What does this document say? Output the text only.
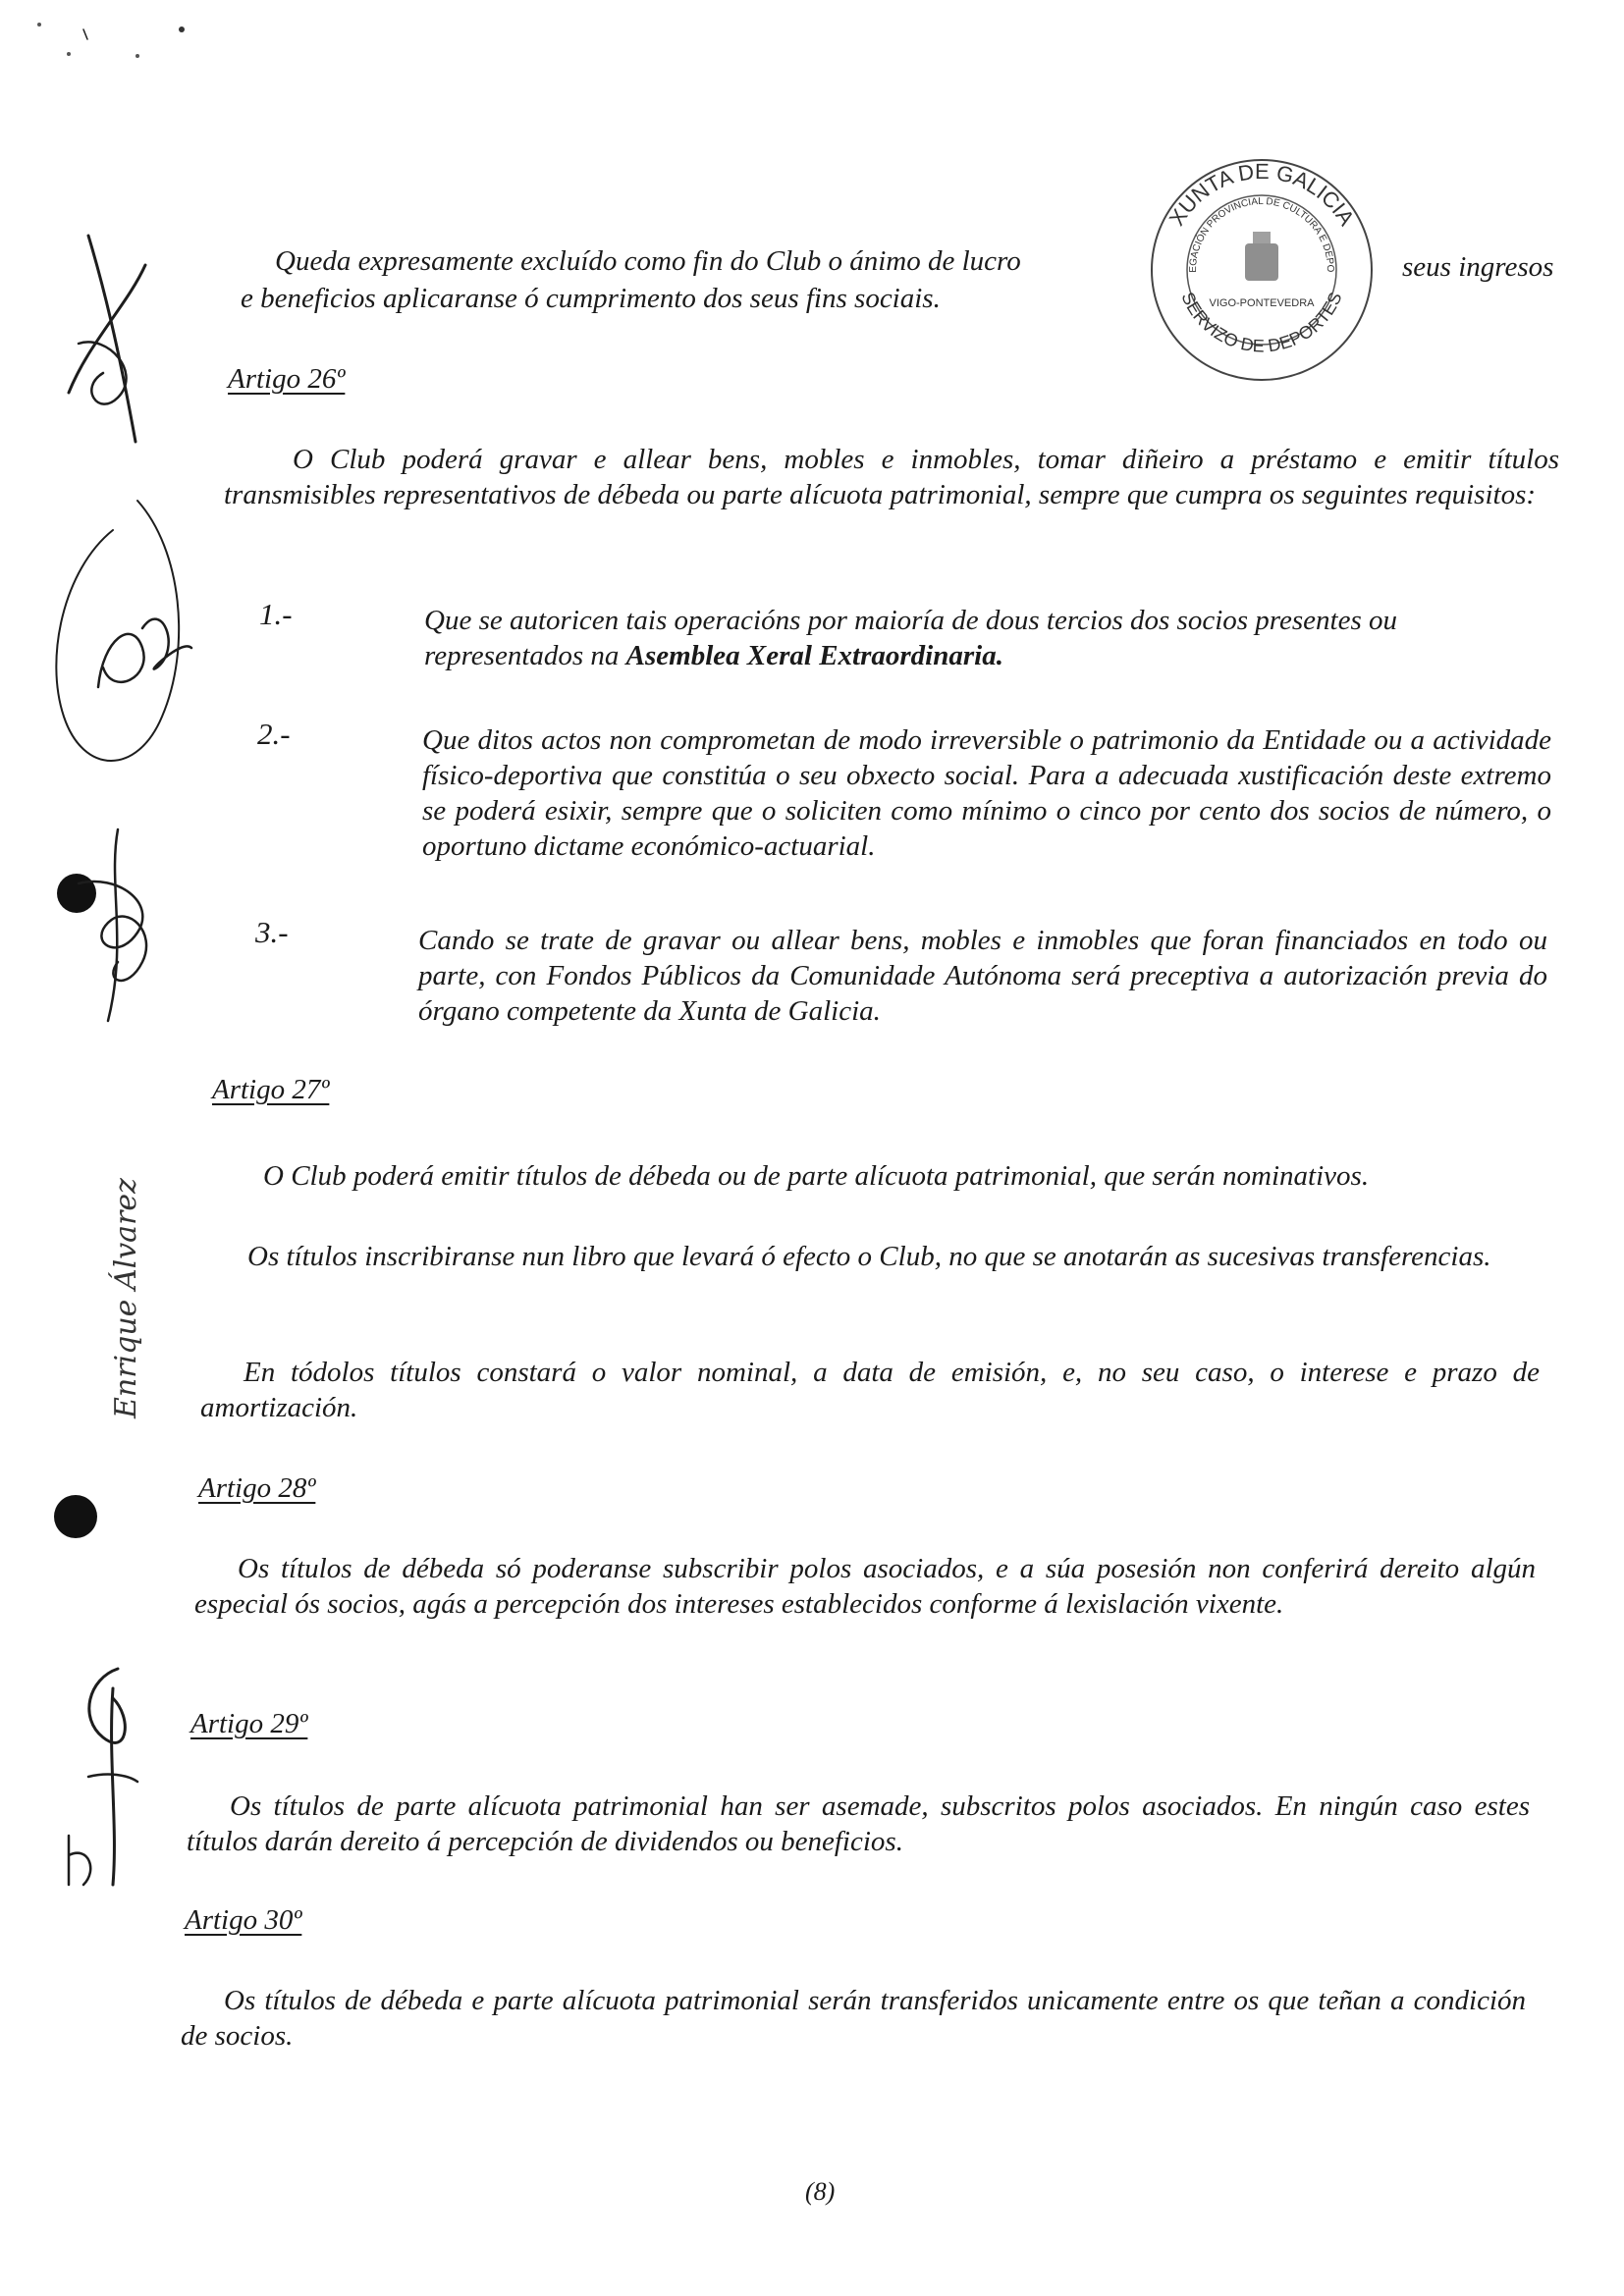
Queda expresamente excluído como fin do Club o ánimo de lucro	seus ingresos
e beneficios aplicaranse ó cumprimento dos seus fins sociais.
XUNTA DE GALICIA
DELEGACIÓN PROVINCIAL DE CULTURA E DEPORTE
VIGO-PONTEVEDRA
SERVIZO DE DEPORTES
Artigo 26º
O Club poderá gravar e allear bens, mobles e inmobles, tomar diñeiro a préstamo e emitir títulos transmisibles representativos de débeda ou parte alícuota patrimonial, sempre que cumpra os seguintes requisitos:
1.-	Que se autoricen tais operacións por maioría de dous tercios dos socios presentes ou representados na Asemblea Xeral Extraordinaria.
2.-	Que ditos actos non comprometan de modo irreversible o patrimonio da Entidade ou a actividade físico-deportiva que constitúa o seu obxecto social. Para a adecuada xustificación deste extremo se poderá esixir, sempre que o soliciten como mínimo o cinco por cento dos socios de número, o oportuno dictame económico-actuarial.
3.-	Cando se trate de gravar ou allear bens, mobles e inmobles que foran financiados en todo ou parte, con Fondos Públicos da Comunidade Autónoma será preceptiva a autorización previa do órgano competente da Xunta de Galicia.
Artigo 27º
O Club poderá emitir títulos de débeda ou de parte alícuota patrimonial, que serán nominativos.
Os títulos inscribiranse nun libro que levará ó efecto o Club, no que se anotarán as sucesivas transferencias.
En tódolos títulos constará o valor nominal, a data de emisión, e, no seu caso, o interese e prazo de amortización.
Artigo 28º
Os títulos de débeda só poderanse subscribir polos asociados, e a súa posesión non conferirá dereito algún especial ós socios, agás a percepción dos intereses establecidos conforme á lexislación vixente.
Artigo 29º
Os títulos de parte alícuota patrimonial han ser asemade, subscritos polos asociados. En ningún caso estes títulos darán dereito á percepción de dividendos ou beneficios.
Artigo 30º
Os títulos de débeda e parte alícuota patrimonial serán transferidos unicamente entre os que teñan a condición de socios.
(8)
Enrique Álvarez
